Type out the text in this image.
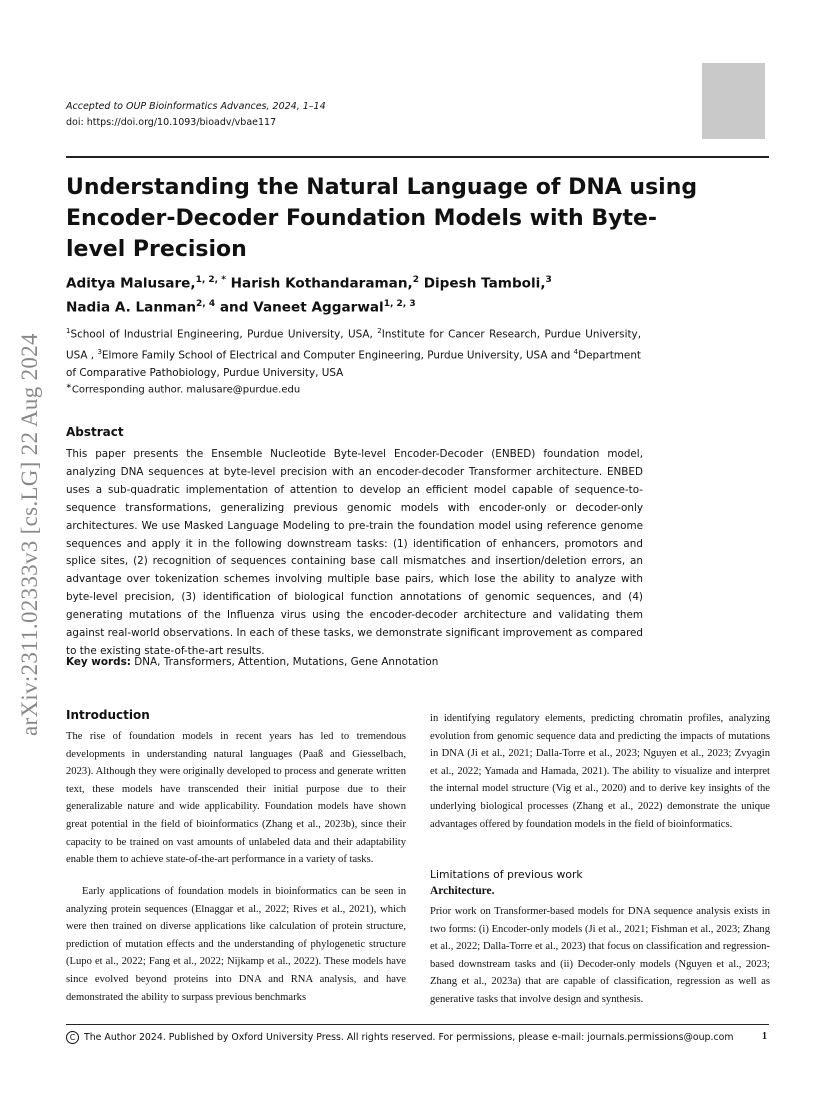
arXiv:2311.02333v3 [cs.LG] 22 Aug 2024
Accepted to OUP Bioinformatics Advances, 2024, 1–14
doi: https://doi.org/10.1093/bioadv/vbae117
Understanding the Natural Language of DNA using Encoder-Decoder Foundation Models with Byte-level Precision
Aditya Malusare,$^{1, 2, *}$ Harish Kothandaraman,$^2$ Dipesh Tamboli,$^3$
Nadia A. Lanman$^{2, 4}$ and Vaneet Aggarwal$^{1, 2, 3}$
$^1$School of Industrial Engineering, Purdue University, USA, $^2$Institute for Cancer Research, Purdue University, USA , $^3$Elmore Family School of Electrical and Computer Engineering, Purdue University, USA and $^4$Department of Comparative Pathobiology, Purdue University, USA
∗Corresponding author. malusare@purdue.edu
Abstract

This paper presents the Ensemble Nucleotide Byte-level Encoder-Decoder (ENBED) foundation model, analyzing DNA sequences at byte-level precision with an encoder-decoder Transformer architecture. ENBED uses a sub-quadratic implementation of attention to develop an efficient model capable of sequence-to-sequence transformations, generalizing previous genomic models with encoder-only or decoder-only architectures. We use Masked Language Modeling to pre-train the foundation model using reference genome sequences and apply it in the following downstream tasks: (1) identification of enhancers, promotors and splice sites, (2) recognition of sequences containing base call mismatches and insertion/deletion errors, an advantage over tokenization schemes involving multiple base pairs, which lose the ability to analyze with byte-level precision, (3) identification of biological function annotations of genomic sequences, and (4) generating mutations of the Influenza virus using the encoder-decoder architecture and validating them against real-world observations. In each of these tasks, we demonstrate significant improvement as compared to the existing state-of-the-art results.

Key words: DNA, Transformers, Attention, Mutations, Gene Annotation
Introduction

The rise of foundation models in recent years has led to tremendous developments in understanding natural languages (Paaß and Giesselbach, 2023). Although they were originally developed to process and generate written text, these models have transcended their initial purpose due to their generalizable nature and wide applicability. Foundation models have shown great potential in the field of bioinformatics (Zhang et al., 2023b), since their capacity to be trained on vast amounts of unlabeled data and their adaptability enable them to achieve state-of-the-art performance in a variety of tasks.

Early applications of foundation models in bioinformatics can be seen in analyzing protein sequences (Elnaggar et al., 2022; Rives et al., 2021), which were then trained on diverse applications like calculation of protein structure, prediction of mutation effects and the understanding of phylogenetic structure (Lupo et al., 2022; Fang et al., 2022; Nijkamp et al., 2022). These models have since evolved beyond proteins into DNA and RNA analysis, and have demonstrated the ability to surpass previous benchmarks

in identifying regulatory elements, predicting chromatin profiles, analyzing evolution from genomic sequence data and predicting the impacts of mutations in DNA (Ji et al., 2021; Dalla-Torre et al., 2023; Nguyen et al., 2023; Zvyagin et al., 2022; Yamada and Hamada, 2021). The ability to visualize and interpret the internal model structure (Vig et al., 2020) and to derive key insights of the underlying biological processes (Zhang et al., 2022) demonstrate the unique advantages offered by foundation models in the field of bioinformatics.

Limitations of previous work
Architecture.

Prior work on Transformer-based models for DNA sequence analysis exists in two forms: (i) Encoder-only models (Ji et al., 2021; Fishman et al., 2023; Zhang et al., 2022; Dalla-Torre et al., 2023) that focus on classification and regression-based downstream tasks and (ii) Decoder-only models (Nguyen et al., 2023; Zhang et al., 2023a) that are capable of classification, regression as well as generative tasks that involve design and synthesis.

C The Author 2024. Published by Oxford University Press. All rights reserved. For permissions, please e-mail: journals.permissions@oup.com	1
